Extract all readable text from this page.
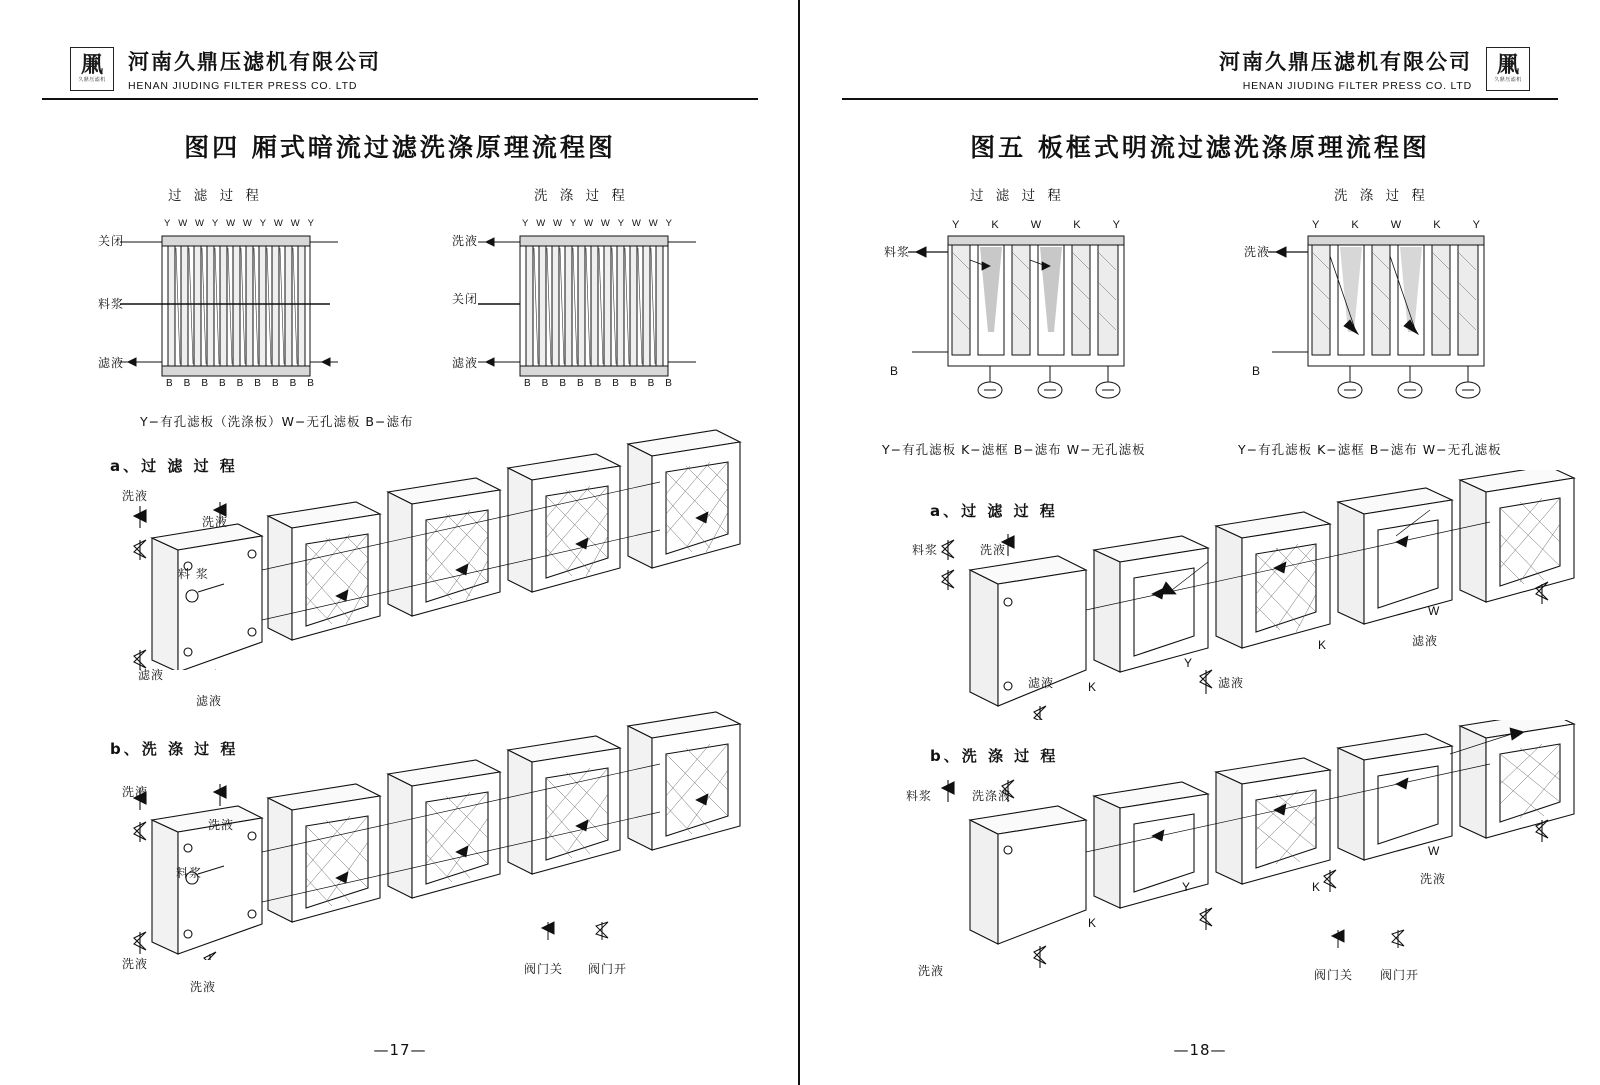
凲
久鼎压滤机
河南久鼎压滤机有限公司
HENAN JIUDING FILTER PRESS CO. LTD
图四 厢式暗流过滤洗涤原理流程图
过 滤 过 程	洗 涤 过 程
关闭
料浆
滤液
洗液
关闭
滤液
Y W W Y W W Y W W Y
B B B B B B B B B
Y W W Y W W Y W W Y
B B B B B B B B B
Y−有孔滤板（洗涤板）W−无孔滤板 B−滤布
a、过 滤 过 程
洗液
洗液
料 浆
滤液
滤液
b、洗 涤 过 程
洗液
洗液
料浆
洗液
洗液
阀门关 阀门开
—17—
河南久鼎压滤机有限公司
HENAN JIUDING FILTER PRESS CO. LTD
凲
久鼎压滤机
图五 板框式明流过滤洗涤原理流程图
过 滤 过 程	洗 涤 过 程
料浆
B
洗液
B
Y	K	W	K	Y	Y	K	W	K	Y
Y−有孔滤板 K−滤框 B−滤布 W−无孔滤板	Y−有孔滤板 K−滤框 B−滤布 W−无孔滤板
a、过 滤 过 程
料浆	洗液
滤液	K
Y
滤液
K
W
滤液
b、洗 涤 过 程
料浆	洗涤液
K
Y	K
W
洗液
洗液	阀门关 阀门开
—18—
